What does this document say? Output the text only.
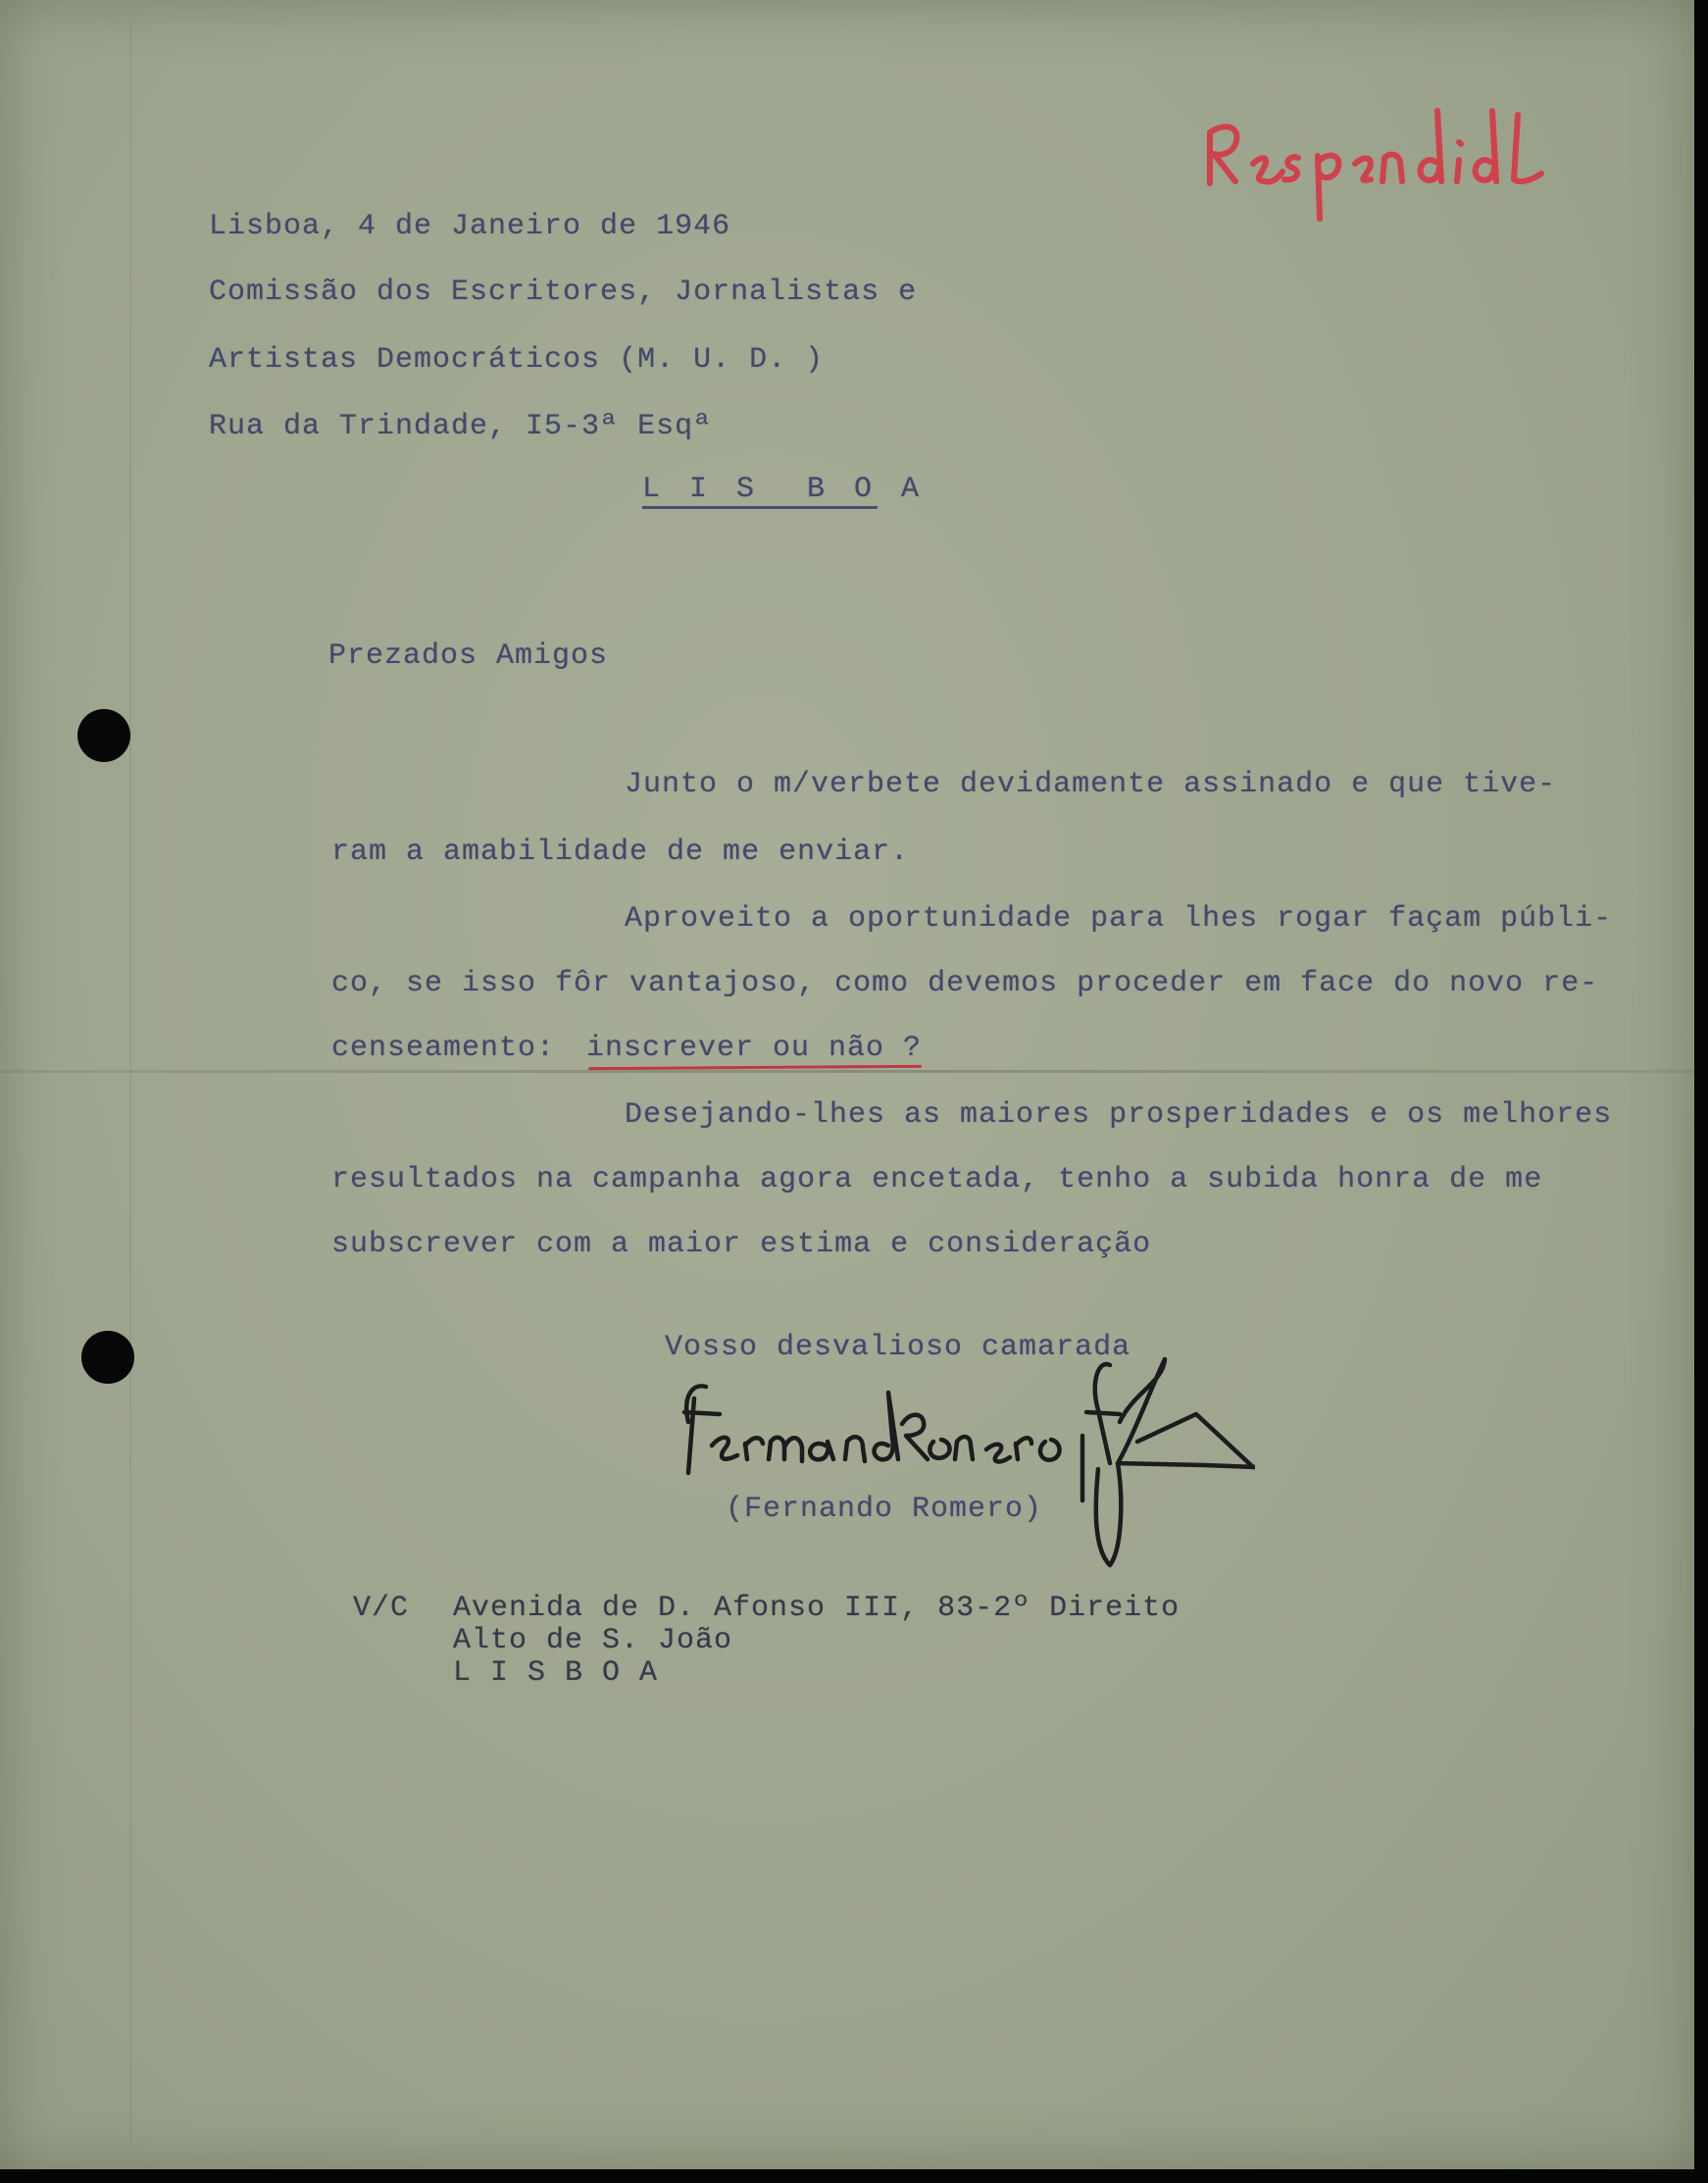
Lisboa, 4 de Janeiro de 1946

Comissão dos Escritores, Jornalistas e

Artistas Democráticos (M. U. D. )

Rua da Trindade, I5-3ª Esqª

L I S  B O A

Prezados Amigos

Junto o m/verbete devidamente assinado e que tive-

ram a amabilidade de me enviar.

Aproveito a oportunidade para lhes rogar façam públi-

co, se isso fôr vantajoso, como devemos proceder em face do novo re-

censeamento: inscrever ou não ?

Desejando-lhes as maiores prosperidades e os melhores

resultados na campanha agora encetada, tenho a subida honra de me

subscrever com a maior estima e consideração

Vosso desvalioso camarada

(Fernando Romero)

V/C Avenida de D. Afonso III, 83-2º Direito

Alto de S. João

L I S B O A
